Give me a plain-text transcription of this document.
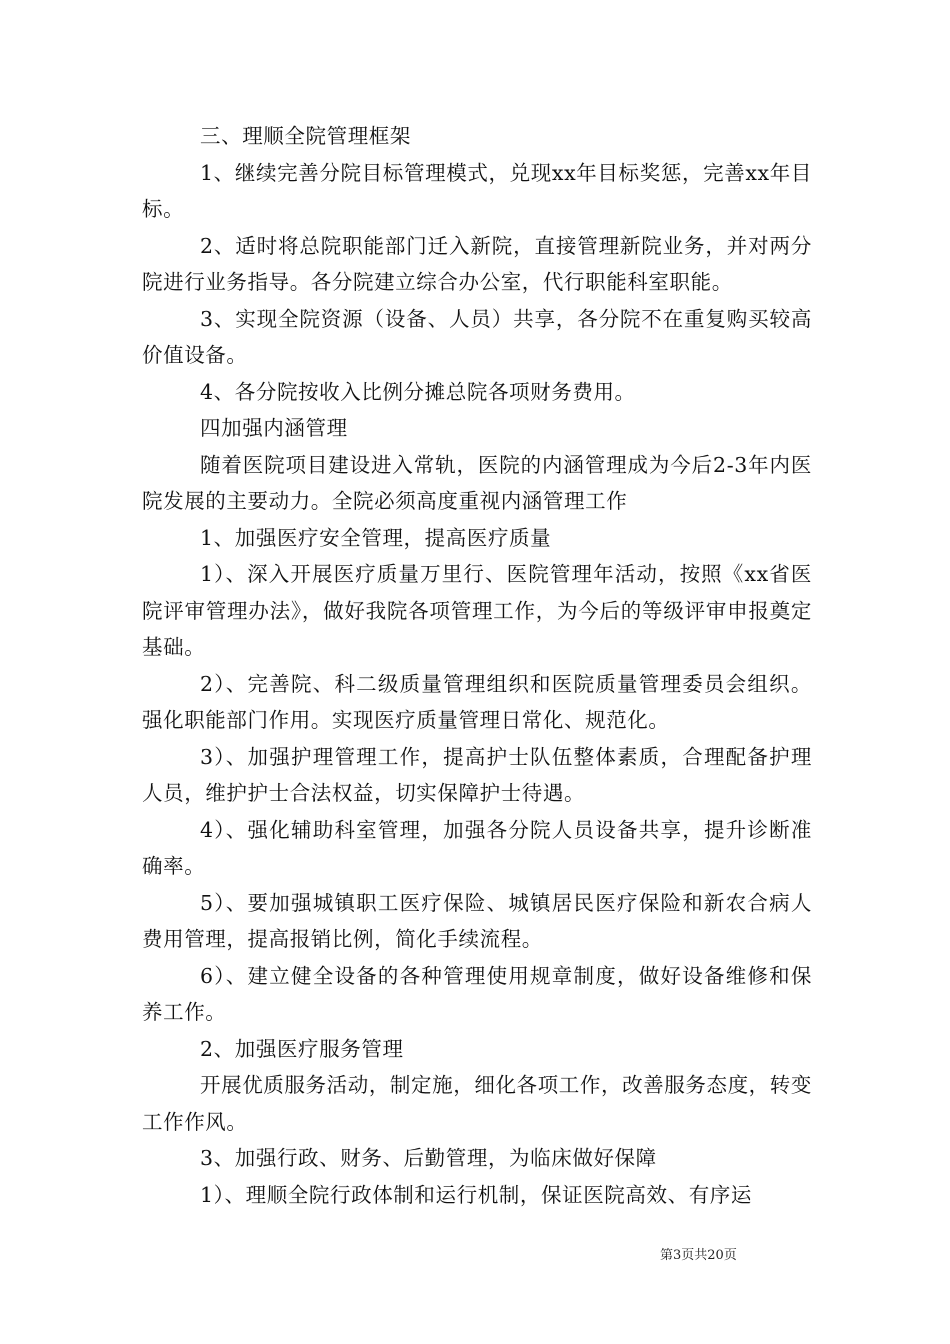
三、理顺全院管理框架

1、继续完善分院目标管理模式，兑现xx年目标奖惩，完善xx年目标。

2、适时将总院职能部门迁入新院，直接管理新院业务，并对两分院进行业务指导。各分院建立综合办公室，代行职能科室职能。

3、实现全院资源（设备、人员）共享，各分院不在重复购买较高价值设备。

4、各分院按收入比例分摊总院各项财务费用。

四加强内涵管理

随着医院项目建设进入常轨，医院的内涵管理成为今后2-3年内医院发展的主要动力。全院必须高度重视内涵管理工作

1、加强医疗安全管理，提高医疗质量

1）、深入开展医疗质量万里行、医院管理年活动，按照《xx省医院评审管理办法》，做好我院各项管理工作，为今后的等级评审申报奠定基础。

2）、完善院、科二级质量管理组织和医院质量管理委员会组织。强化职能部门作用。实现医疗质量管理日常化、规范化。

3）、加强护理管理工作，提高护士队伍整体素质，合理配备护理人员，维护护士合法权益，切实保障护士待遇。

4）、强化辅助科室管理，加强各分院人员设备共享，提升诊断准确率。

5）、要加强城镇职工医疗保险、城镇居民医疗保险和新农合病人费用管理，提高报销比例，简化手续流程。

6）、建立健全设备的各种管理使用规章制度，做好设备维修和保养工作。

2、加强医疗服务管理

开展优质服务活动，制定施，细化各项工作，改善服务态度，转变工作作风。

3、加强行政、财务、后勤管理，为临床做好保障

1）、理顺全院行政体制和运行机制，保证医院高效、有序运

第3页共20页
